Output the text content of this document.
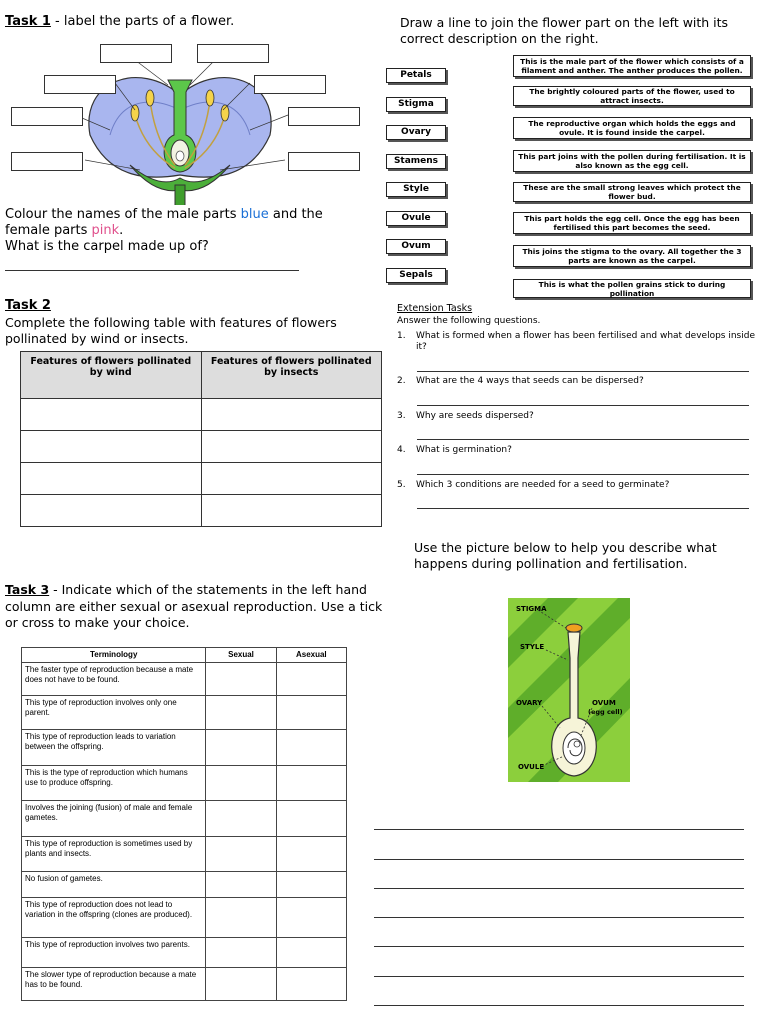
Task 1 - label the parts of a flower.
Colour the names of the male parts blue and the
female parts pink.
What is the carpel made up of?
Draw a line to join the flower part on the left with its correct description on the right.
Petals
Stigma
Ovary
Stamens
Style
Ovule
Ovum
Sepals
This is the male part of the flower which consists of a filament and anther. The anther produces the pollen.
The brightly coloured parts of the flower, used to attract insects.
The reproductive organ which holds the eggs and ovule. It is found inside the carpel.
This part joins with the pollen during fertilisation. It is also known as the egg cell.
These are the small strong leaves which protect the flower bud.
This part holds the egg cell. Once the egg has been fertilised this part becomes the seed.
This joins the stigma to the ovary. All together the 3 parts are known as the carpel.
This is what the pollen grains stick to during pollination
Task 2
Complete the following table with features of flowers pollinated by wind or insects.
Features of flowers pollinated by wind	Features of flowers pollinated by insects

Extension Tasks
Answer the following questions.
1. What is formed when a flower has been fertilised and what develops inside it?
2. What are the 4 ways that seeds can be dispersed?
3. Why are seeds dispersed?
4. What is germination?
5. Which 3 conditions are needed for a seed to germinate?
Use the picture below to help you describe what happens during pollination and fertilisation.
STIGMA
STYLE
OVARY	OVUM
(egg cell)
OVULE
Task 3 - Indicate which of the statements in the left hand column are either sexual or asexual reproduction. Use a tick or cross to make your choice.
Terminology	Sexual	Asexual
The faster type of reproduction because a mate does not have to be found.		
This type of reproduction involves only one parent.		
This type of reproduction leads to variation between the offspring.		
This is the type of reproduction which humans use to produce offspring.		
Involves the joining (fusion) of male and female gametes.		
This type of reproduction is sometimes used by plants and insects.		
No fusion of gametes.		
This type of reproduction does not lead to variation in the offspring (clones are produced).		
This type of reproduction involves two parents.		
The slower type of reproduction because a mate has to be found.		
